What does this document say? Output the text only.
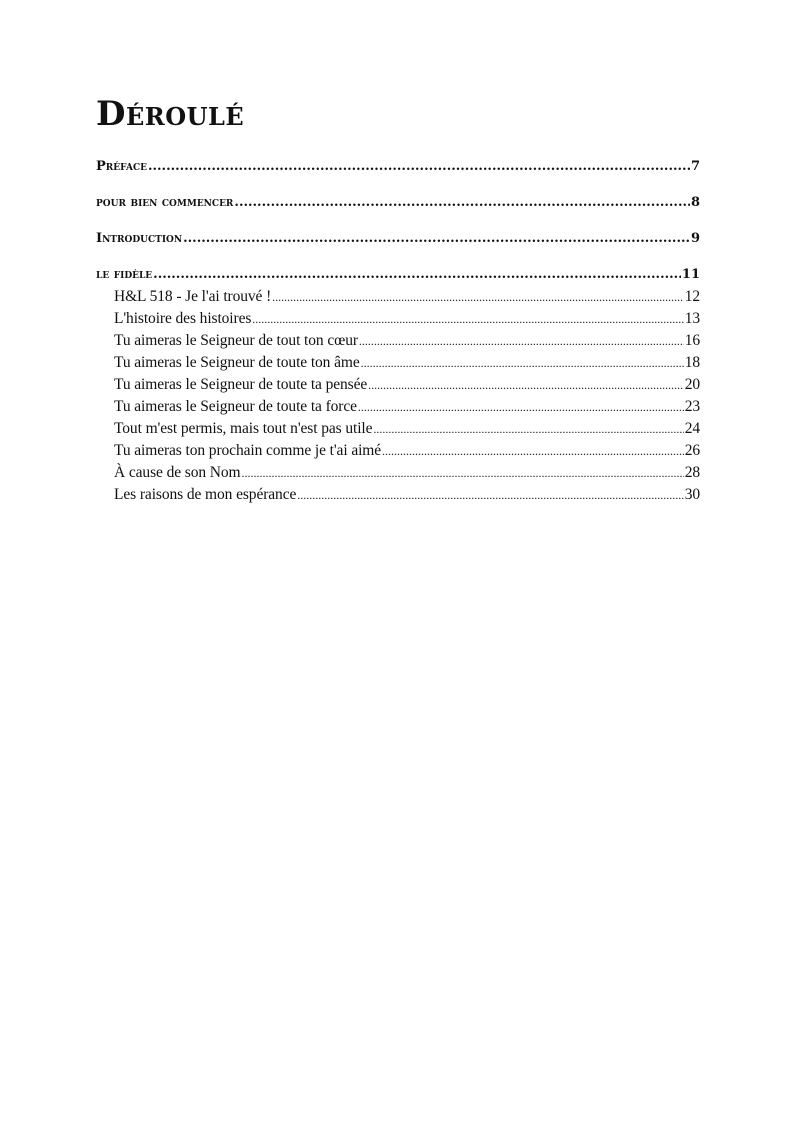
Déroulé
Préface .....	7
pour bien commencer .....	8
Introduction .....	9
le fidèle .....	11
H&L 518 - Je l'ai trouvé ! .....	12
L'histoire des histoires .....	13
Tu aimeras le Seigneur de tout ton cœur .....	16
Tu aimeras le Seigneur de toute ton âme .....	18
Tu aimeras le Seigneur de toute ta pensée .....	20
Tu aimeras le Seigneur de toute ta force .....	23
Tout m'est permis, mais tout n'est pas utile .....	24
Tu aimeras ton prochain comme je t'ai aimé .....	26
À cause de son Nom .....	28
Les raisons de mon espérance .....	30
